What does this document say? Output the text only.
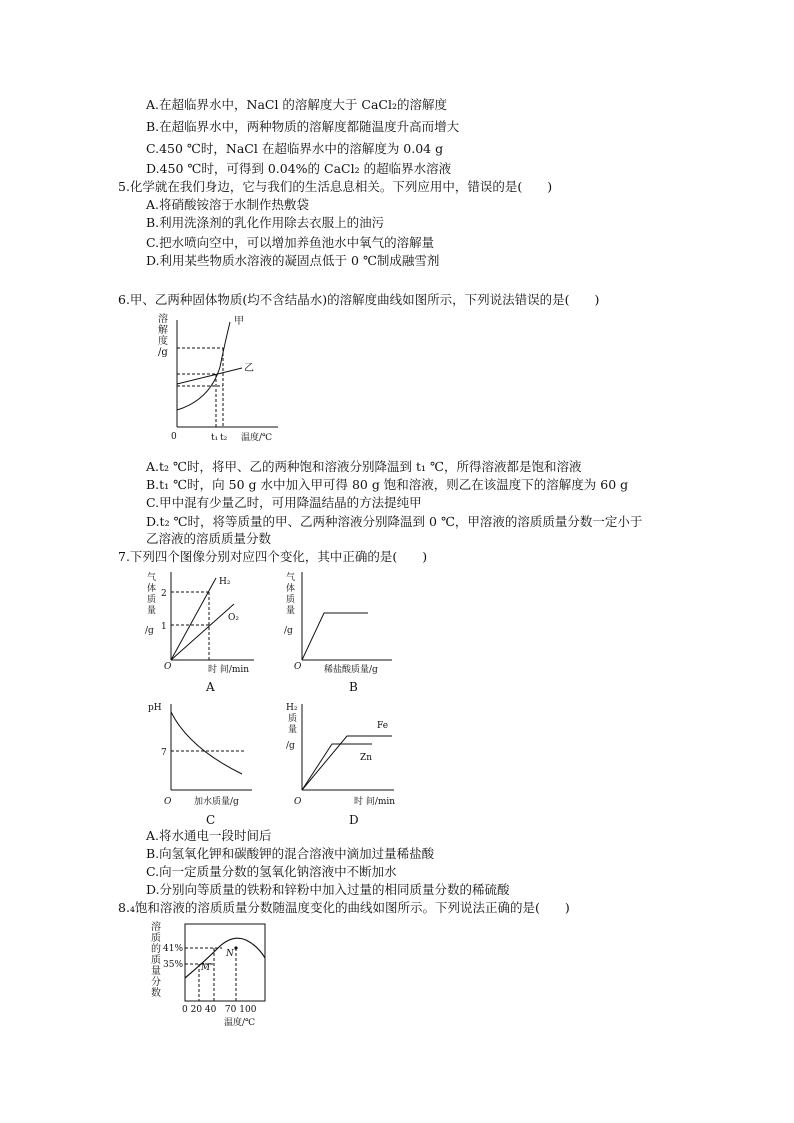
A.在超临界水中，NaCl 的溶解度大于 CaCl₂的溶解度
B.在超临界水中，两种物质的溶解度都随温度升高而增大
C.450 ℃时，NaCl 在超临界水中的溶解度为 0.04 g
D.450 ℃时，可得到 0.04%的 CaCl₂ 的超临界水溶液
5.化学就在我们身边，它与我们的生活息息相关。下列应用中，错误的是(　　)
A.将硝酸铵溶于水制作热敷袋
B.利用洗涤剂的乳化作用除去衣服上的油污
C.把水喷向空中，可以增加养鱼池水中氧气的溶解量
D.利用某些物质水溶液的凝固点低于 0 ℃制成融雪剂
6.甲、乙两种固体物质(均不含结晶水)的溶解度曲线如图所示，下列说法错误的是(　　)
溶 解 度 /g
甲
乙
0	t₁ t₂ 温度/℃
A.t₂ ℃时，将甲、乙的两种饱和溶液分别降温到 t₁ ℃，所得溶液都是饱和溶液
B.t₁ ℃时，向 50 g 水中加入甲可得 80 g 饱和溶液，则乙在该温度下的溶解度为 60 g
C.甲中混有少量乙时，可用降温结晶的方法提纯甲
D.t₂ ℃时，将等质量的甲、乙两种溶液分别降温到 0 ℃，甲溶液的溶质质量分数一定小于
乙溶液的溶质质量分数
7.下列四个图像分别对应四个变化，其中正确的是(　　)
气 体 质 量 /g
2
1
H₂
O₂
O	时 间/min
A
气 体 质 量 /g
O	稀盐酸质量/g
B
pH
7
O	加水质量/g
C
H₂ 质 量 /g
Fe
Zn
O	时 间/min
D
A.将水通电一段时间后
B.向氢氧化钾和碳酸钾的混合溶液中滴加过量稀盐酸
C.向一定质量分数的氢氧化钠溶液中不断加水
D.分别向等质量的铁粉和锌粉中加入过量的相同质量分数的稀硫酸
8.₄饱和溶液的溶质质量分数随温度变化的曲线如图所示。下列说法正确的是(　　)
溶 质 的 质 量 分 数
41%
35% M
N
0 20 40   70 100
温度/℃
